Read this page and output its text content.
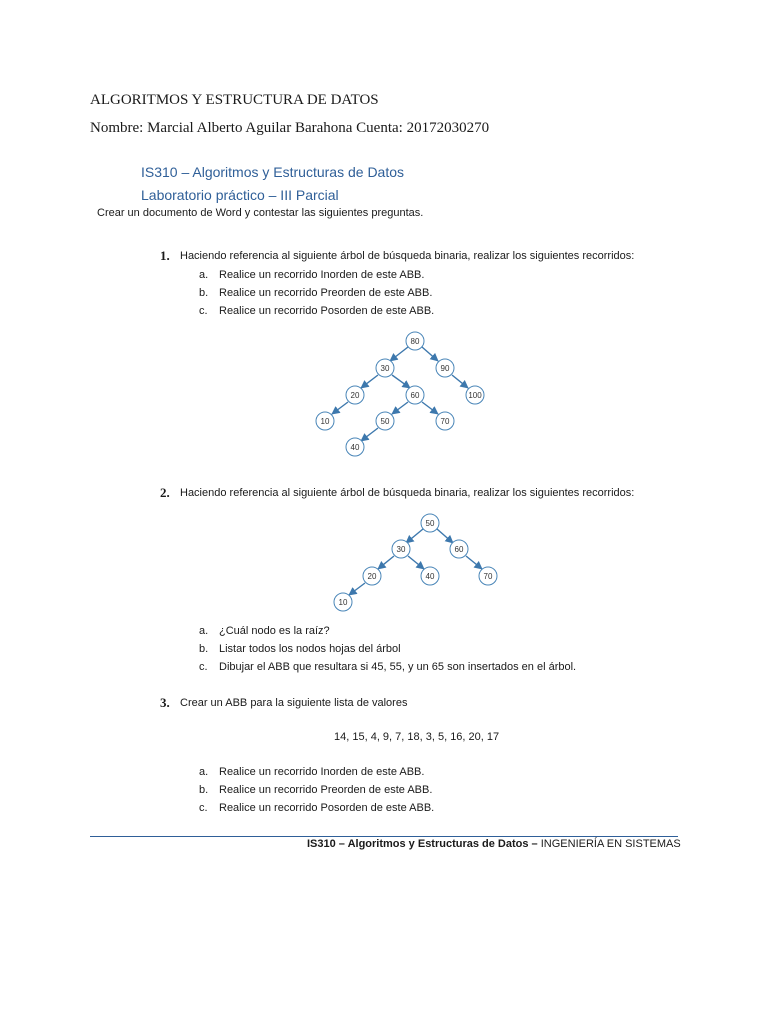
ALGORITMOS Y ESTRUCTURA DE DATOS
Nombre: Marcial Alberto Aguilar Barahona Cuenta: 20172030270
IS310 – Algoritmos y Estructuras de Datos
Laboratorio práctico – III Parcial
Crear un documento de Word y contestar las siguientes preguntas.
1. Haciendo referencia al siguiente árbol de búsqueda binaria, realizar los siguientes recorridos:
a. Realice un recorrido Inorden de este ABB.
b. Realice un recorrido Preorden de este ABB.
c. Realice un recorrido Posorden de este ABB.
80
30	90
20	60	100
10	50	70
40
2. Haciendo referencia al siguiente árbol de búsqueda binaria, realizar los siguientes recorridos:
50
30	60
20	40	70
10
a. ¿Cuál nodo es la raíz?
b. Listar todos los nodos hojas del árbol
c. Dibujar el ABB que resultara si 45, 55, y un 65 son insertados en el árbol.
3. Crear un ABB para la siguiente lista de valores
14, 15, 4, 9, 7, 18, 3, 5, 16, 20, 17
a. Realice un recorrido Inorden de este ABB.
b. Realice un recorrido Preorden de este ABB.
c. Realice un recorrido Posorden de este ABB.
IS310 – Algoritmos y Estructuras de Datos – INGENIERÍA EN SISTEMAS
